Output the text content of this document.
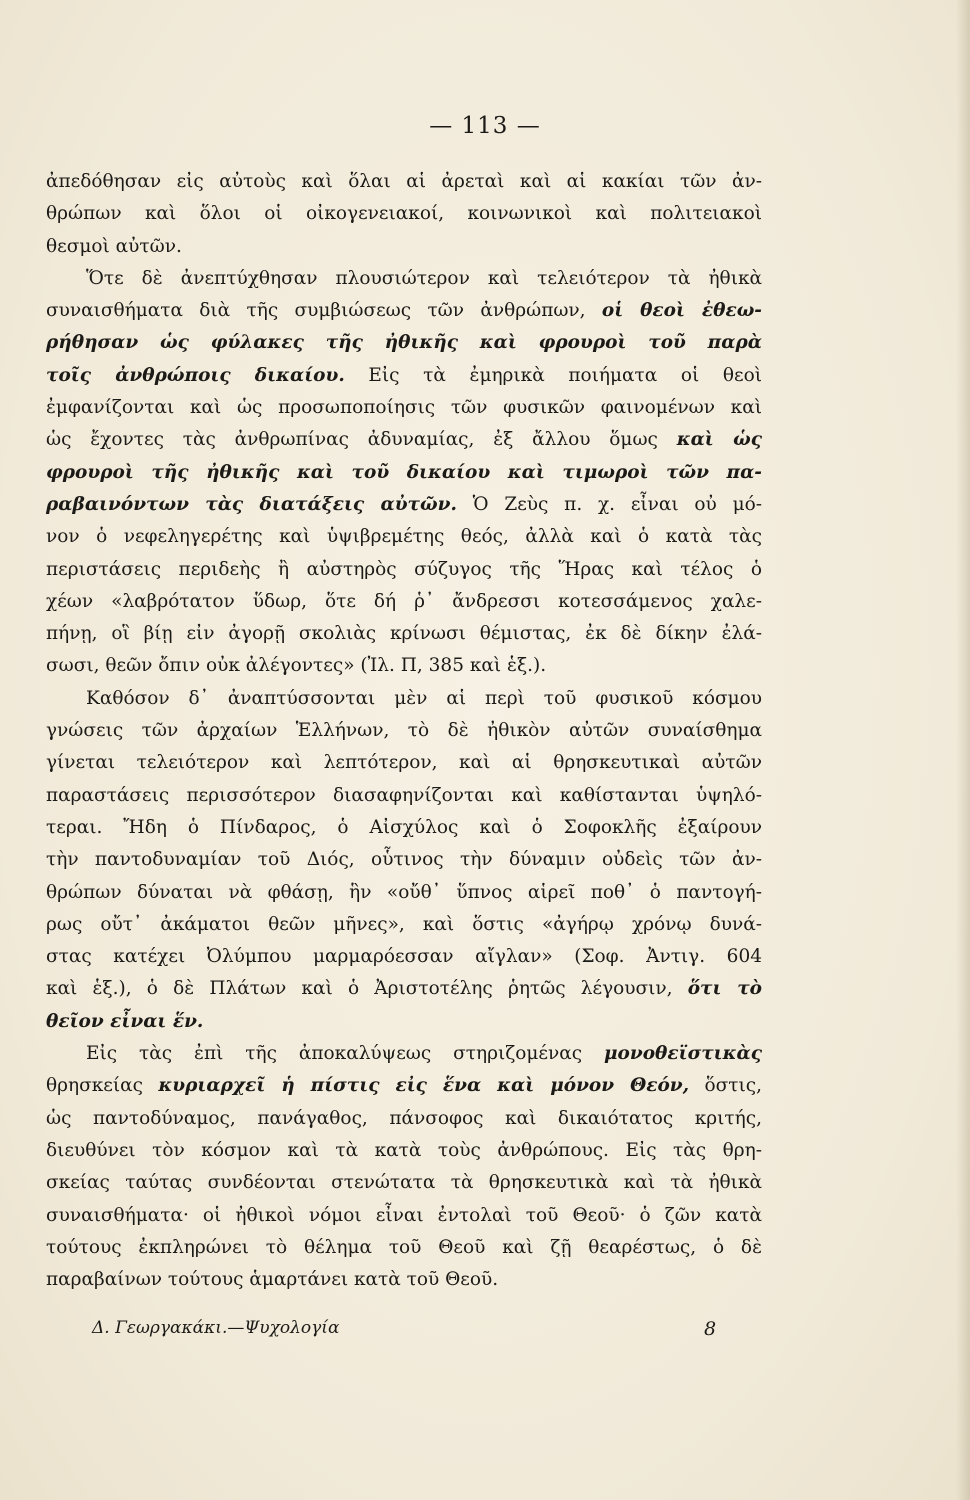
— 113 —
ἀπεδόθησαν εἰς αὐτοὺς καὶ ὅλαι αἱ ἀρεταὶ καὶ αἱ κακίαι τῶν ἀν-
θρώπων καὶ ὅλοι οἱ οἰκογενειακοί, κοινωνικοὶ καὶ πολιτειακοὶ
θεσμοὶ αὐτῶν.
Ὅτε δὲ ἀνεπτύχθησαν πλουσιώτερον καὶ τελειότερον τὰ ἠθικὰ
συναισθήματα διὰ τῆς συμβιώσεως τῶν ἀνθρώπων, οἱ θεοὶ ἐθεω-
ρήθησαν ὡς φύλακες τῆς ἠθικῆς καὶ φρουροὶ τοῦ παρὰ
τοῖς ἀνθρώποις δικαίου. Εἰς τὰ ἐμηρικὰ ποιήματα οἱ θεοὶ
ἐμφανίζονται καὶ ὡς προσωποποίησις τῶν φυσικῶν φαινομένων καὶ
ὡς ἔχοντες τὰς ἀνθρωπίνας ἀδυναμίας, ἐξ ἄλλου ὅμως καὶ ὡς
φρουροὶ τῆς ἠθικῆς καὶ τοῦ δικαίου καὶ τιμωροὶ τῶν πα-
ραβαινόντων τὰς διατάξεις αὐτῶν. Ὁ Ζεὺς π. χ. εἶναι οὐ μό-
νον ὁ νεφεληγερέτης καὶ ὑψιβρεμέτης θεός, ἀλλὰ καὶ ὁ κατὰ τὰς
περιστάσεις περιδεὴς ἢ αὐστηρὸς σύζυγος τῆς Ἥρας καὶ τέλος ὁ
χέων «λαβρότατον ὕδωρ, ὅτε δή ῥ᾽ ἄνδρεσσι κοτεσσάμενος χαλε-
πήνῃ, οἳ βίῃ εἰν ἀγορῇ σκολιὰς κρίνωσι θέμιστας, ἐκ δὲ δίκην ἐλά-
σωσι, θεῶν ὄπιν οὐκ ἀλέγοντες» (Ἰλ. Π, 385 καὶ ἑξ.).
Καθόσον δ᾽ ἀναπτύσσονται μὲν αἱ περὶ τοῦ φυσικοῦ κόσμου
γνώσεις τῶν ἀρχαίων Ἑλλήνων, τὸ δὲ ἠθικὸν αὐτῶν συναίσθημα
γίνεται τελειότερον καὶ λεπτότερον, καὶ αἱ θρησκευτικαὶ αὐτῶν
παραστάσεις περισσότερον διασαφηνίζονται καὶ καθίστανται ὑψηλό-
τεραι. Ἤδη ὁ Πίνδαρος, ὁ Αἰσχύλος καὶ ὁ Σοφοκλῆς ἐξαίρουν
τὴν παντοδυναμίαν τοῦ Διός, οὗτινος τὴν δύναμιν οὐδεὶς τῶν ἀν-
θρώπων δύναται νὰ φθάσῃ, ἣν «οὔθ᾽ ὕπνος αἱρεῖ ποθ᾽ ὁ παντογή-
ρως οὔτ᾽ ἀκάματοι θεῶν μῆνες», καὶ ὅστις «ἀγήρῳ χρόνῳ δυνά-
στας κατέχει Ὀλύμπου μαρμαρόεσσαν αἴγλαν» (Σοφ. Ἀντιγ. 604
καὶ ἑξ.), ὁ δὲ Πλάτων καὶ ὁ Ἀριστοτέλης ῥητῶς λέγουσιν, ὅτι τὸ
θεῖον εἶναι ἕν.
Εἰς τὰς ἐπὶ τῆς ἀποκαλύψεως στηριζομένας μονοθεϊστικὰς
θρησκείας κυριαρχεῖ ἡ πίστις εἰς ἕνα καὶ μόνον Θεόν, ὅστις,
ὡς παντοδύναμος, πανάγαθος, πάνσοφος καὶ δικαιότατος κριτής,
διευθύνει τὸν κόσμον καὶ τὰ κατὰ τοὺς ἀνθρώπους. Εἰς τὰς θρη-
σκείας ταύτας συνδέονται στενώτατα τὰ θρησκευτικὰ καὶ τὰ ἠθικὰ
συναισθήματα· οἱ ἠθικοὶ νόμοι εἶναι ἐντολαὶ τοῦ Θεοῦ· ὁ ζῶν κατὰ
τούτους ἐκπληρώνει τὸ θέλημα τοῦ Θεοῦ καὶ ζῇ θεαρέστως, ὁ δὲ
παραβαίνων τούτους ἁμαρτάνει κατὰ τοῦ Θεοῦ.
Δ. Γεωργακάκι.—Ψυχολογία	8
